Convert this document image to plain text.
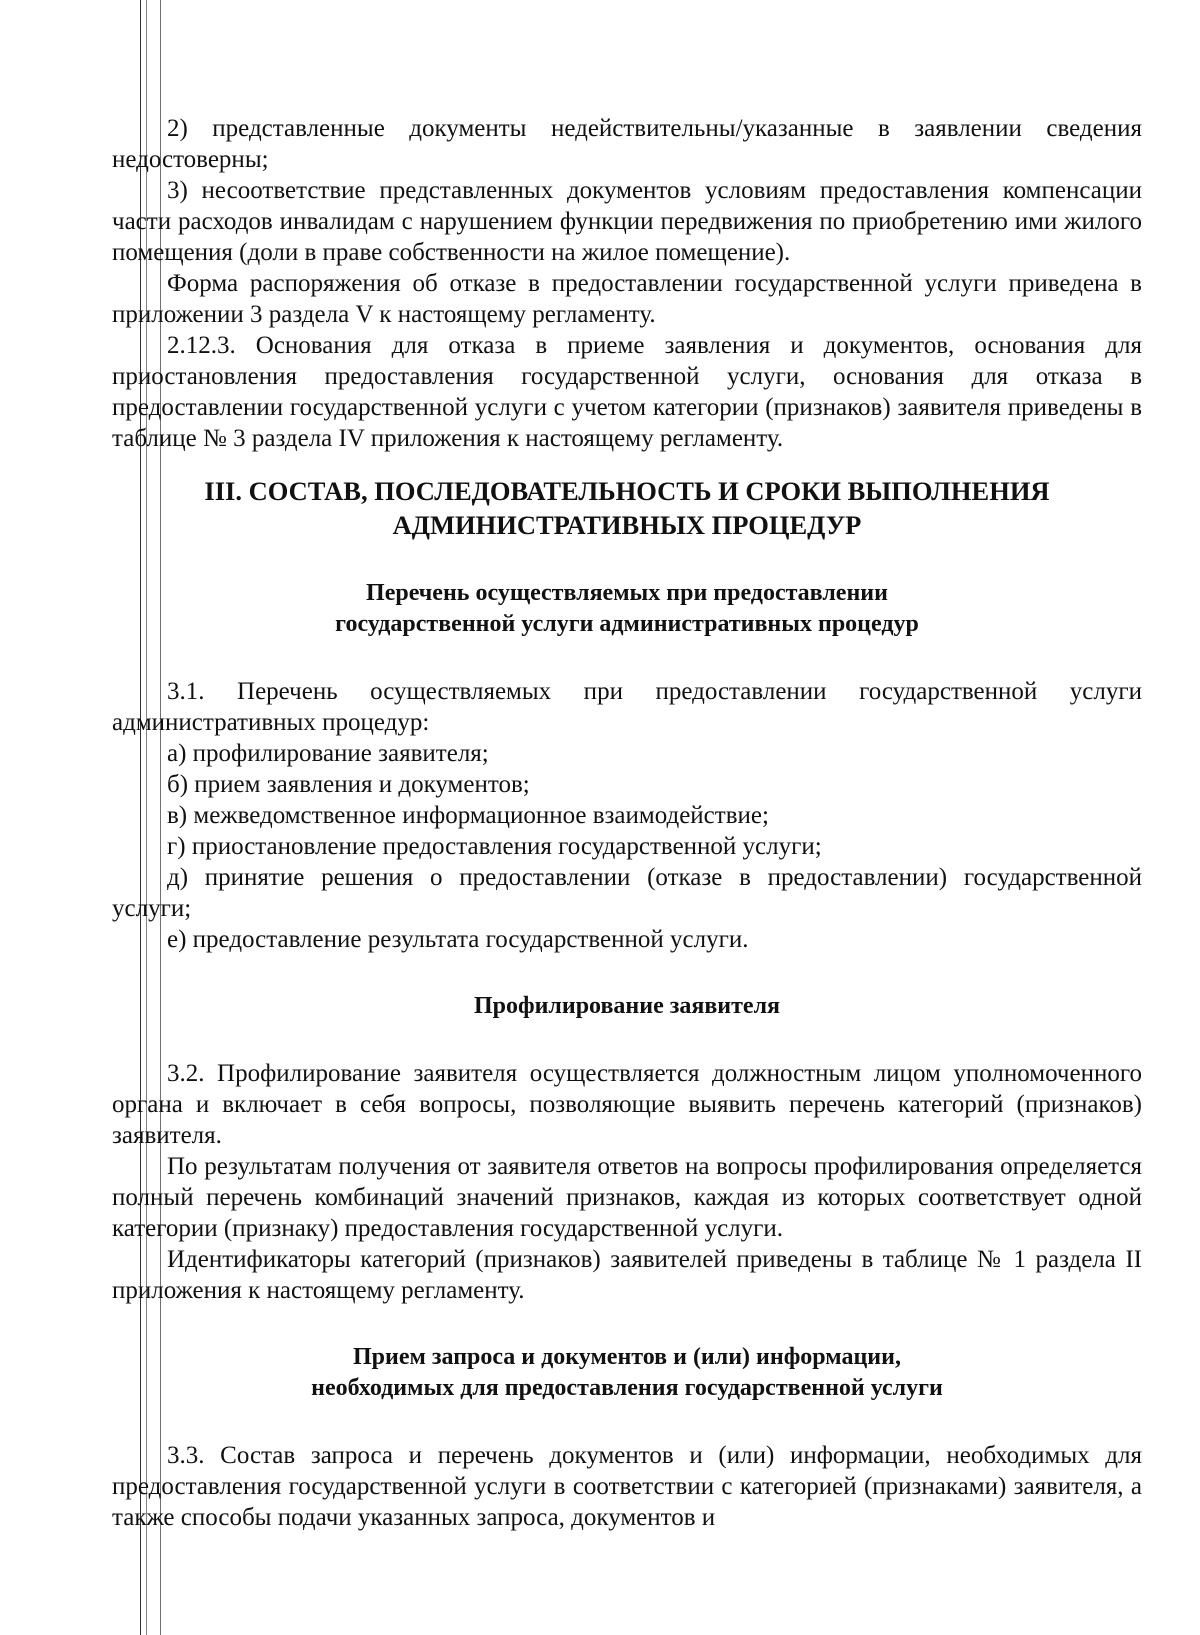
2) представленные документы недействительны/указанные в заявлении сведения недостоверны;

3) несоответствие представленных документов условиям предоставления компенсации части расходов инвалидам с нарушением функции передвижения по приобретению ими жилого помещения (доли в праве собственности на жилое помещение).

Форма распоряжения об отказе в предоставлении государственной услуги приведена в приложении 3 раздела V к настоящему регламенту.

2.12.3. Основания для отказа в приеме заявления и документов, основания для приостановления предоставления государственной услуги, основания для отказа в предоставлении государственной услуги с учетом категории (признаков) заявителя приведены в таблице № 3 раздела IV приложения к настоящему регламенту.

III. СОСТАВ, ПОСЛЕДОВАТЕЛЬНОСТЬ И СРОКИ ВЫПОЛНЕНИЯ АДМИНИСТРАТИВНЫХ ПРОЦЕДУР
Перечень осуществляемых при предоставлении
государственной услуги административных процедур

3.1. Перечень осуществляемых при предоставлении государственной услуги административных процедур:

а) профилирование заявителя;

б) прием заявления и документов;

в) межведомственное информационное взаимодействие;

г) приостановление предоставления государственной услуги;

д) принятие решения о предоставлении (отказе в предоставлении) государственной услуги;

е) предоставление результата государственной услуги.

Профилирование заявителя

3.2. Профилирование заявителя осуществляется должностным лицом уполномоченного органа и включает в себя вопросы, позволяющие выявить перечень категорий (признаков) заявителя.

По результатам получения от заявителя ответов на вопросы профилирования определяется полный перечень комбинаций значений признаков, каждая из которых соответствует одной категории (признаку) предоставления государственной услуги.

Идентификаторы категорий (признаков) заявителей приведены в таблице № 1 раздела II приложения к настоящему регламенту.

Прием запроса и документов и (или) информации,
необходимых для предоставления государственной услуги

3.3. Состав запроса и перечень документов и (или) информации, необходимых для предоставления государственной услуги в соответствии с категорией (признаками) заявителя, а также способы подачи указанных запроса, документов и
